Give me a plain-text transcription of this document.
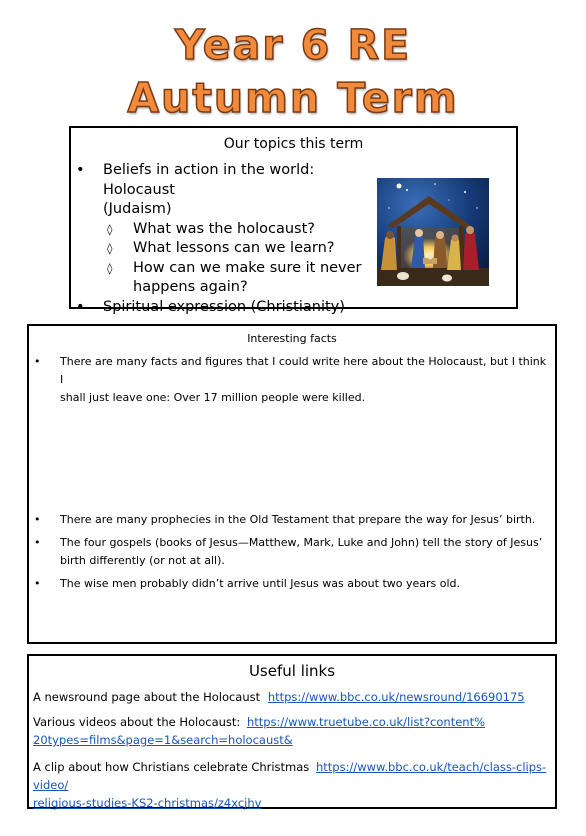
Year 6 RE
Autumn Term
Our topics this term
• Beliefs in action in the world: Holocaust
(Judaism)
◊ What was the holocaust?
◊ What lessons can we learn?
◊ How can we make sure it never
happens again?
• Spiritual expression (Christianity)
Interesting facts
•	There are many facts and figures that I could write here about the Holocaust, but I think I
shall just leave one: Over 17 million people were killed.
•	There are many prophecies in the Old Testament that prepare the way for Jesus’ birth.
•	The four gospels (books of Jesus—Matthew, Mark, Luke and John) tell the story of Jesus’
birth differently (or not at all).
•	The wise men probably didn’t arrive until Jesus was about two years old.
Useful links
A newsround page about the Holocaust https://www.bbc.co.uk/newsround/16690175
Various videos about the Holocaust: https://www.truetube.co.uk/list?content%
20types=films&page=1&search=holocaust&
A clip about how Christians celebrate Christmas https://www.bbc.co.uk/teach/class-clips-video/
religious-studies-KS2-christmas/z4xcjhv
